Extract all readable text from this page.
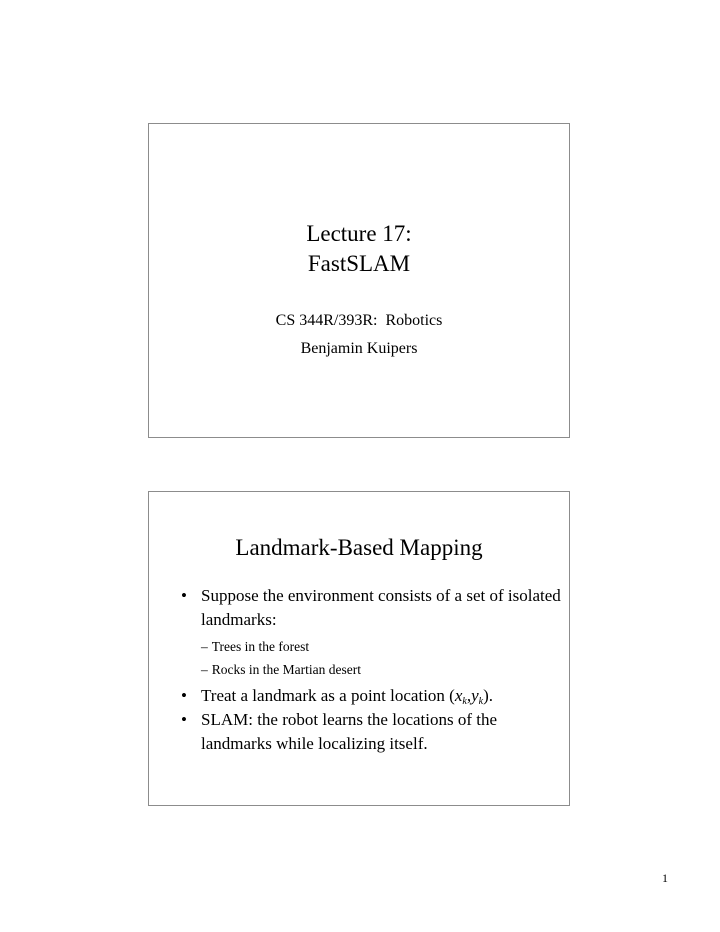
Lecture 17:
FastSLAM
CS 344R/393R:  Robotics
Benjamin Kuipers
Landmark-Based Mapping
• Suppose the environment consists of a set of isolated landmarks:
– Trees in the forest
– Rocks in the Martian desert
• Treat a landmark as a point location $(x_k,y_k)$.
• SLAM: the robot learns the locations of the landmarks while localizing itself.
1
